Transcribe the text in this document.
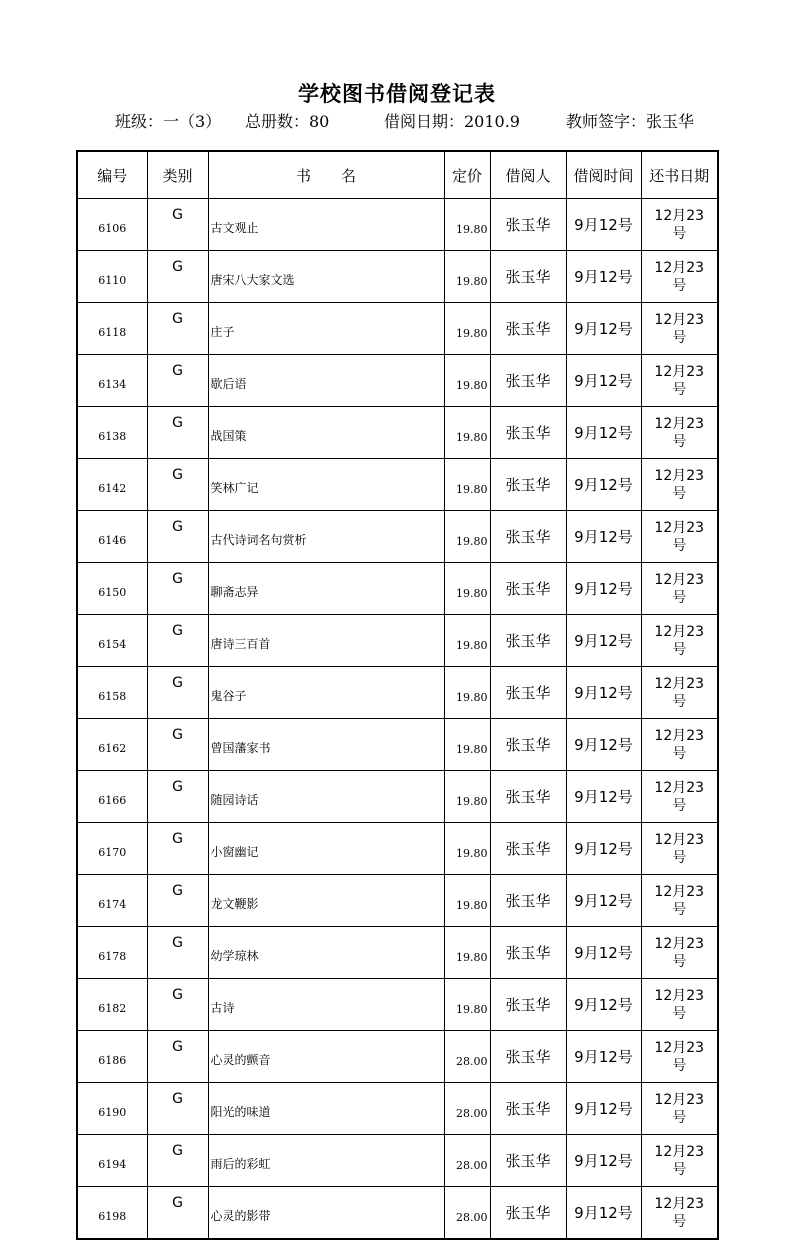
学校图书借阅登记表
班级：一（3） 总册数：80	借阅日期：2010.9	教师签字：张玉华
编号	类别	书　　名	定价	借阅人	借阅时间	还书日期
6106	G	古文观止	19.80	张玉华	9月12号	12月23号

6110	G	唐宋八大家文选	19.80	张玉华	9月12号	12月23号

6118	G	庄子	19.80	张玉华	9月12号	12月23号

6134	G	歇后语	19.80	张玉华	9月12号	12月23号

6138	G	战国策	19.80	张玉华	9月12号	12月23号

6142	G	笑林广记	19.80	张玉华	9月12号	12月23号

6146	G	古代诗词名句赏析	19.80	张玉华	9月12号	12月23号

6150	G	聊斋志异	19.80	张玉华	9月12号	12月23号

6154	G	唐诗三百首	19.80	张玉华	9月12号	12月23号

6158	G	鬼谷子	19.80	张玉华	9月12号	12月23号

6162	G	曾国藩家书	19.80	张玉华	9月12号	12月23号

6166	G	随园诗话	19.80	张玉华	9月12号	12月23号

6170	G	小窗幽记	19.80	张玉华	9月12号	12月23号

6174	G	龙文鞭影	19.80	张玉华	9月12号	12月23号

6178	G	幼学琼林	19.80	张玉华	9月12号	12月23号

6182	G	古诗	19.80	张玉华	9月12号	12月23号

6186	G	心灵的颤音	28.00	张玉华	9月12号	12月23号

6190	G	阳光的味道	28.00	张玉华	9月12号	12月23号

6194	G	雨后的彩虹	28.00	张玉华	9月12号	12月23号

6198	G	心灵的影带	28.00	张玉华	9月12号	12月23号
